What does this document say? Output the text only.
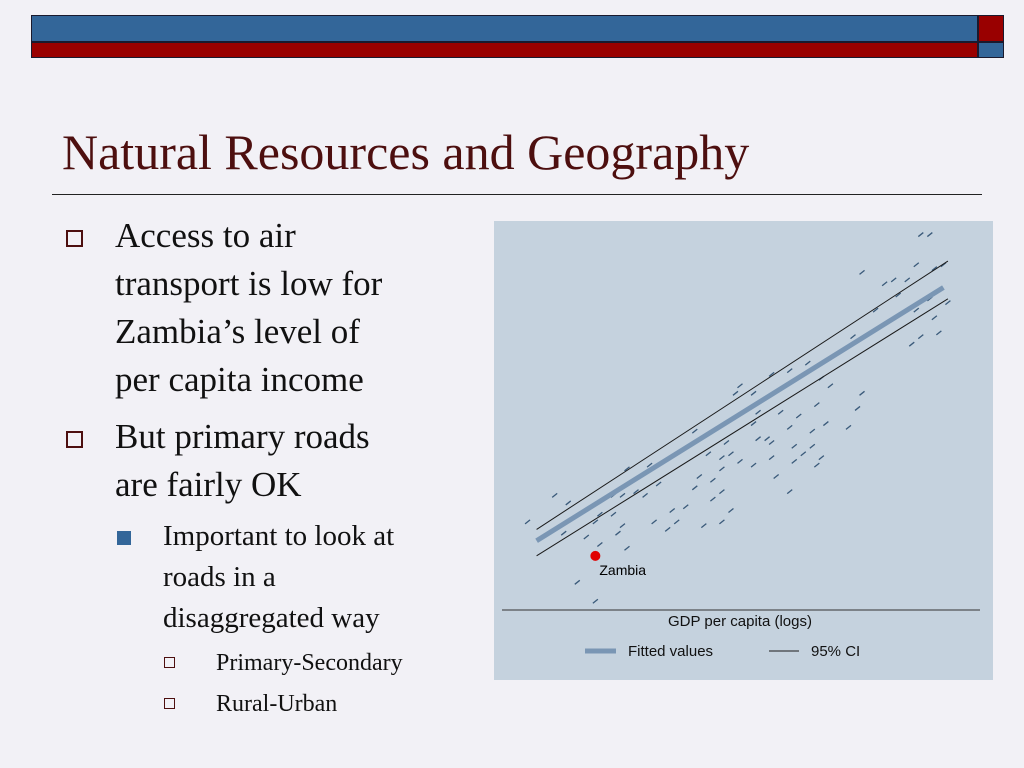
Natural Resources and Geography
Access to air
transport is low for
Zambia’s level of
per capita income
But primary roads
are fairly OK
Important to look at
roads in a
disaggregated way
Primary-Secondary
Rural-Urban
Zambia
GDP per capita (logs)
Fitted values	95% CI
